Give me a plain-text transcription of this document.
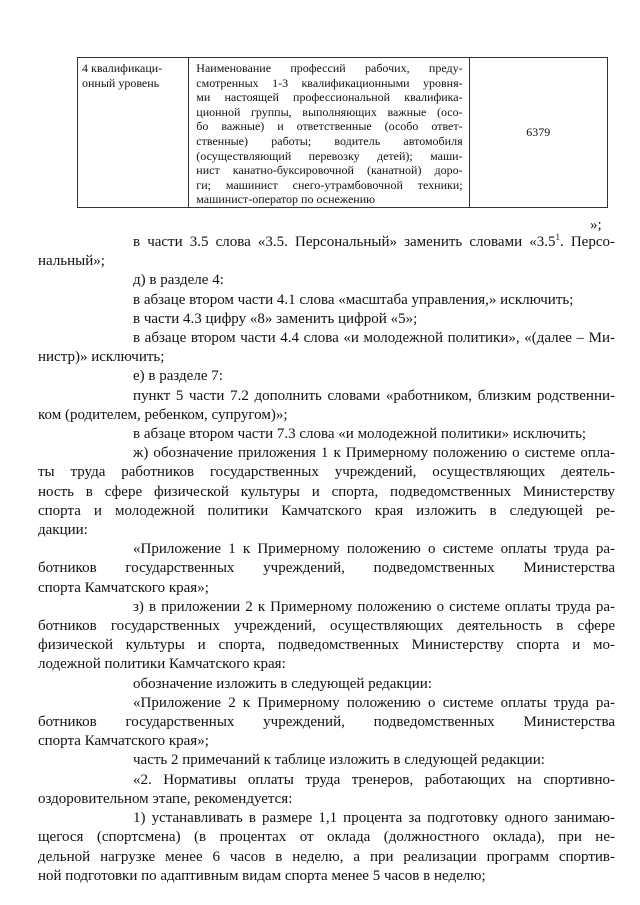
4 квалификаци-
онный уровень

Наименование профессий рабочих, преду-
смотренных 1-3 квалификационными уровня-
ми настоящей профессиональной квалифика-
ционной группы, выполняющих важные (осо-
бо важные) и ответственные (особо ответ-
ственные) работы; водитель автомобиля
(осуществляющий перевозку детей); маши-
нист канатно-буксировочной (канатной) доро-
ги; машинист снего-утрамбовочной техники;
машинист-оператор по оснежению
	6379
»;

в части 3.5 слова «3.5. Персональный» заменить словами «$3.5^1$. Персо-
нальный»;

д) в разделе 4:

в абзаце втором части 4.1 слова «масштаба управления,» исключить;

в части 4.3 цифру «8» заменить цифрой «5»;

в абзаце втором части 4.4 слова «и молодежной политики», «(далее – Ми-
нистр)» исключить;

е) в разделе 7:

пункт 5 части 7.2 дополнить словами «работником, близким родственни-
ком (родителем, ребенком, супругом)»;

в абзаце втором части 7.3 слова «и молодежной политики» исключить;

ж) обозначение приложения 1 к Примерному положению о системе опла-
ты труда работников государственных учреждений, осуществляющих деятель-
ность в сфере физической культуры и спорта, подведомственных Министерству
спорта и молодежной политики Камчатского края изложить в следующей ре-
дакции:

«Приложение 1 к Примерному положению о системе оплаты труда ра-
ботников государственных учреждений, подведомственных Министерства
спорта Камчатского края»;

з) в приложении 2 к Примерному положению о системе оплаты труда ра-
ботников государственных учреждений, осуществляющих деятельность в сфере
физической культуры и спорта, подведомственных Министерству спорта и мо-
лодежной политики Камчатского края:

обозначение изложить в следующей редакции:

«Приложение 2 к Примерному положению о системе оплаты труда ра-
ботников государственных учреждений, подведомственных Министерства
спорта Камчатского края»;

часть 2 примечаний к таблице изложить в следующей редакции:

«2. Нормативы оплаты труда тренеров, работающих на спортивно-
оздоровительном этапе, рекомендуется:

1) устанавливать в размере 1,1 процента за подготовку одного занимаю-
щегося (спортсмена) (в процентах от оклада (должностного оклада), при не-
дельной нагрузке менее 6 часов в неделю, а при реализации программ спортив-
ной подготовки по адаптивным видам спорта менее 5 часов в неделю;
